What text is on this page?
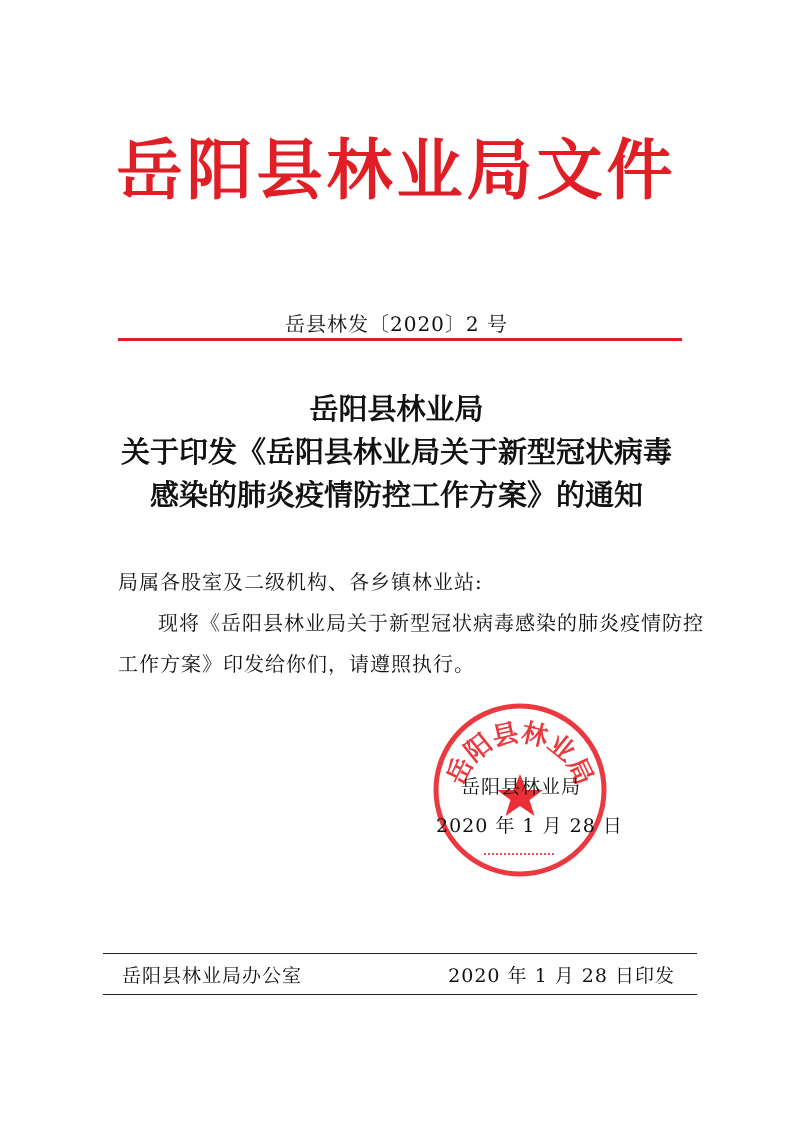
岳阳县林业局文件
岳县林发〔2020〕2 号
岳阳县林业局
关于印发《岳阳县林业局关于新型冠状病毒
感染的肺炎疫情防控工作方案》的通知
局属各股室及二级机构、各乡镇林业站:
现将《岳阳县林业局关于新型冠状病毒感染的肺炎疫情防控
工作方案》印发给你们，请遵照执行。
岳阳县林业局
岳阳县林业局
2020 年 1 月 28 日
岳阳县林业局办公室	2020 年 1 月 28 日印发
